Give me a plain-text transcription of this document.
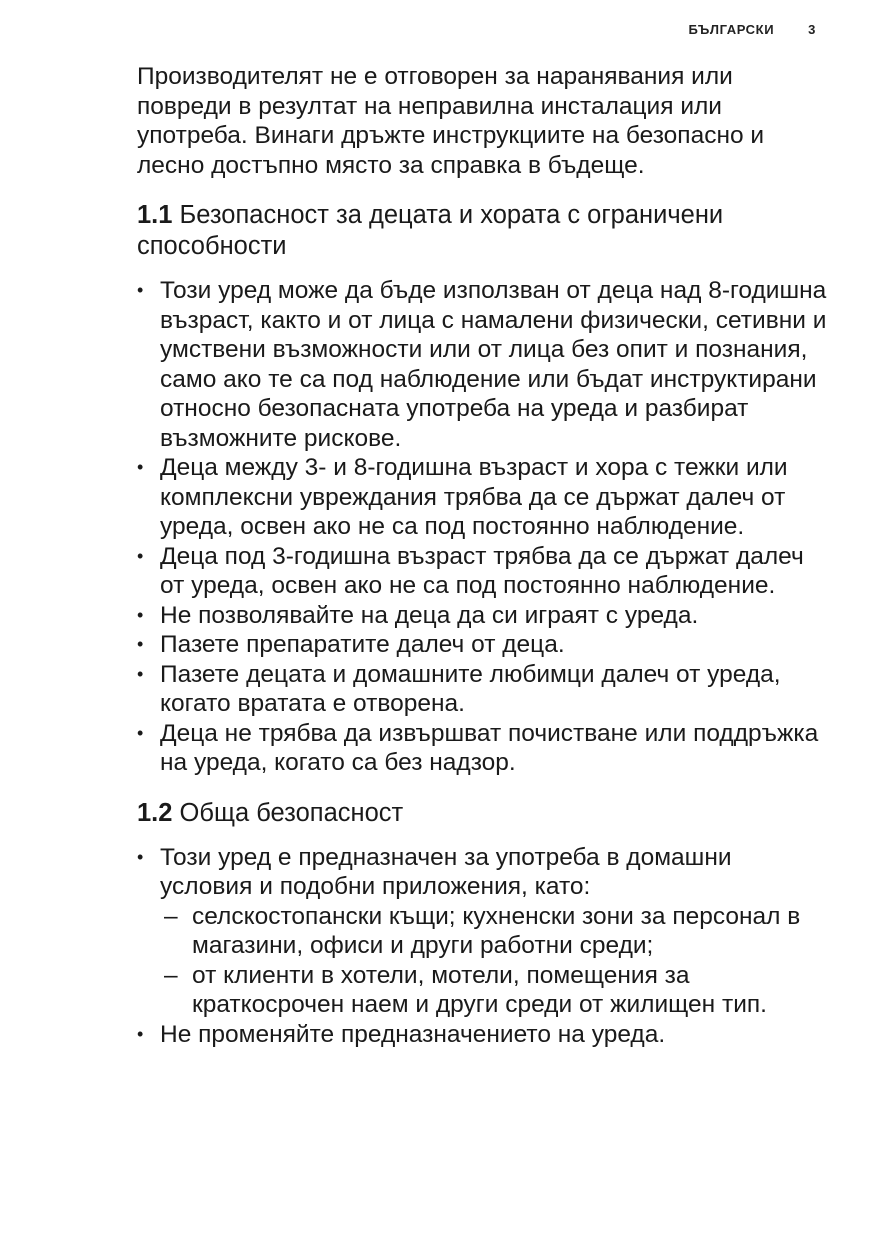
БЪЛГАРСКИ	3

Производителят не е отговорен за наранявания или повреди в резултат на неправилна инсталация или употреба. Винаги дръжте инструкциите на безопасно и лесно достъпно място за справка в бъдеще.

1.1 Безопасност за децата и хората с ограничени способности
• Този уред може да бъде използван от деца над 8-годишна възраст, както и от лица с намалени физически, сетивни и умствени възможности или от лица без опит и познания, само ако те са под наблюдение или бъдат инструктирани относно безопасната употреба на уреда и разбират възможните рискове.
• Деца между 3- и 8-годишна възраст и хора с тежки или комплексни увреждания трябва да се държат далеч от уреда, освен ако не са под постоянно наблюдение.
• Деца под 3-годишна възраст трябва да се държат далеч от уреда, освен ако не са под постоянно наблюдение.
• Не позволявайте на деца да си играят с уреда.
• Пазете препаратите далеч от деца.
• Пазете децата и домашните любимци далеч от уреда, когато вратата е отворена.
• Деца не трябва да извършват почистване или поддръжка на уреда, когато са без надзор.
1.2 Обща безопасност
• Този уред е предназначен за употреба в домашни условия и подобни приложения, като:
– селскостопански къщи; кухненски зони за персонал в магазини, офиси и други работни среди;
– от клиенти в хотели, мотели, помещения за краткосрочен наем и други среди от жилищен тип.
• Не променяйте предназначението на уреда.
